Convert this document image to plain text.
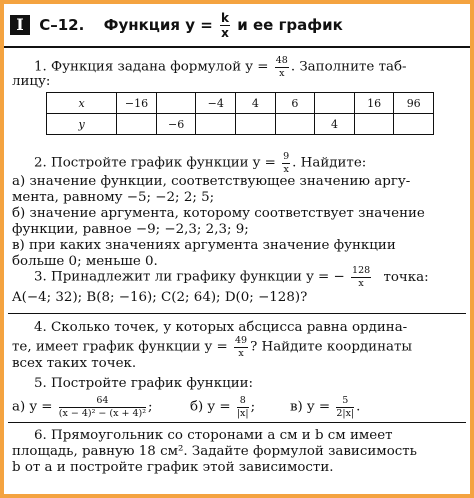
I С–12. Функция $y = \frac{k}{x}$ и ее график
1. Функция задана формулой $y = \frac{48}{x}$ . Заполните таб-
лицу:
x	−16		−4	4	6		16	96
y		−6				4		
2. Постройте график функции $y = \frac{9}{x}$ . Найдите:
а) значение функции, соответствующее значению аргу-
мента, равному −5; −2; 2; 5;
б) значение аргумента, которому соответствует значение
функции, равное −9; −2,3; 2,3; 9;
в) при каких значениях аргумента значение функции
больше 0; меньше 0.
3. Принадлежит ли графику функции y = − $\frac{128}{x}$ точка:
A(−4; 32); B(8; −16); C(2; 64); D(0; −128)?
4. Сколько точек, у которых абсцисса равна ордина-
те, имеет график функции $y = \frac{49}{x}$ ? Найдите координаты
всех таких точек.
5. Постройте график функции:
а) $y = \frac{64}{\text{(x − 4)² − (x + 4)²}}$ ;	б) $y = \frac{8}{|x|}$ ;	в) $y = \frac{5}{2|x|}$ .
6. Прямоугольник со сторонами a см и b см имеет
площадь, равную 18 см². Задайте формулой зависимость
b от a и постройте график этой зависимости.
